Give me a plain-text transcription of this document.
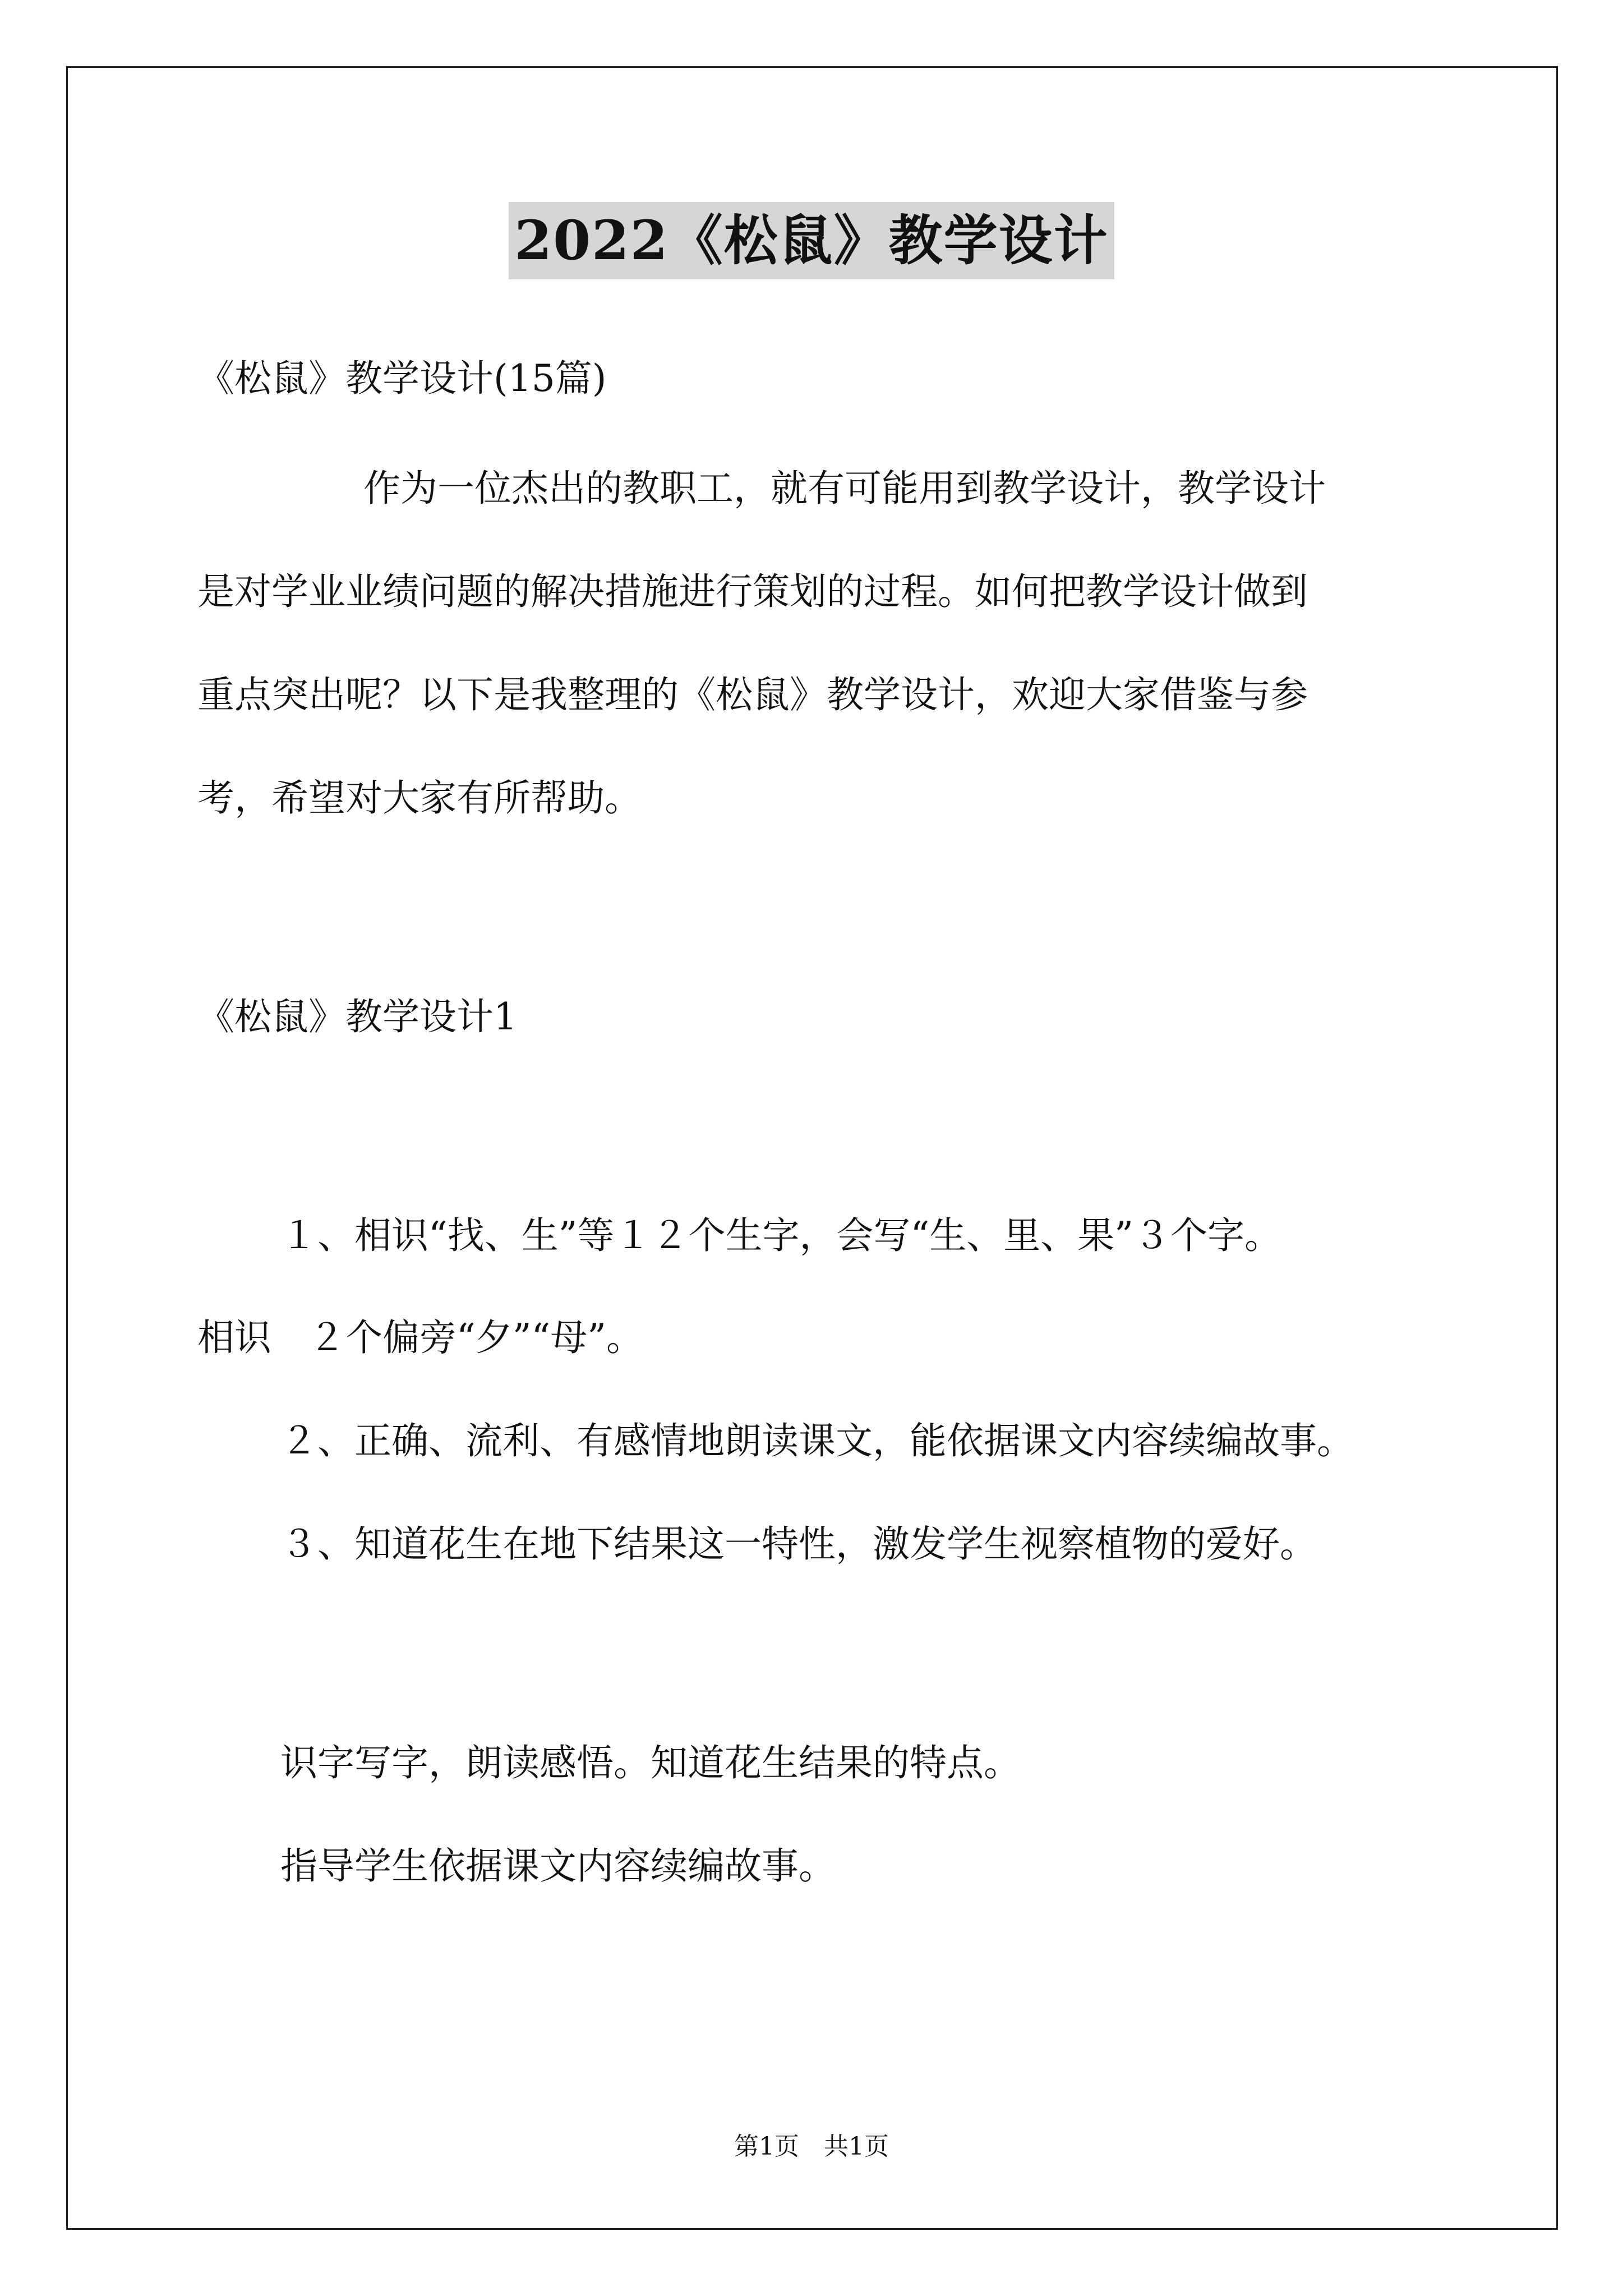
2022《松鼠》教学设计
《松鼠》教学设计(15篇)
作为一位杰出的教职工，就有可能用到教学设计，教学设计
是对学业业绩问题的解决措施进行策划的过程。如何把教学设计做到
重点突出呢？以下是我整理的《松鼠》教学设计，欢迎大家借鉴与参
考，希望对大家有所帮助。
《松鼠》教学设计1
１、相识“找、生”等１２个生字，会写“生、里、果”３个字。
相识　２个偏旁“夕”“母”。
２、正确、流利、有感情地朗读课文，能依据课文内容续编故事。
３、知道花生在地下结果这一特性，激发学生视察植物的爱好。
识字写字，朗读感悟。知道花生结果的特点。
指导学生依据课文内容续编故事。
第1页　共1页
